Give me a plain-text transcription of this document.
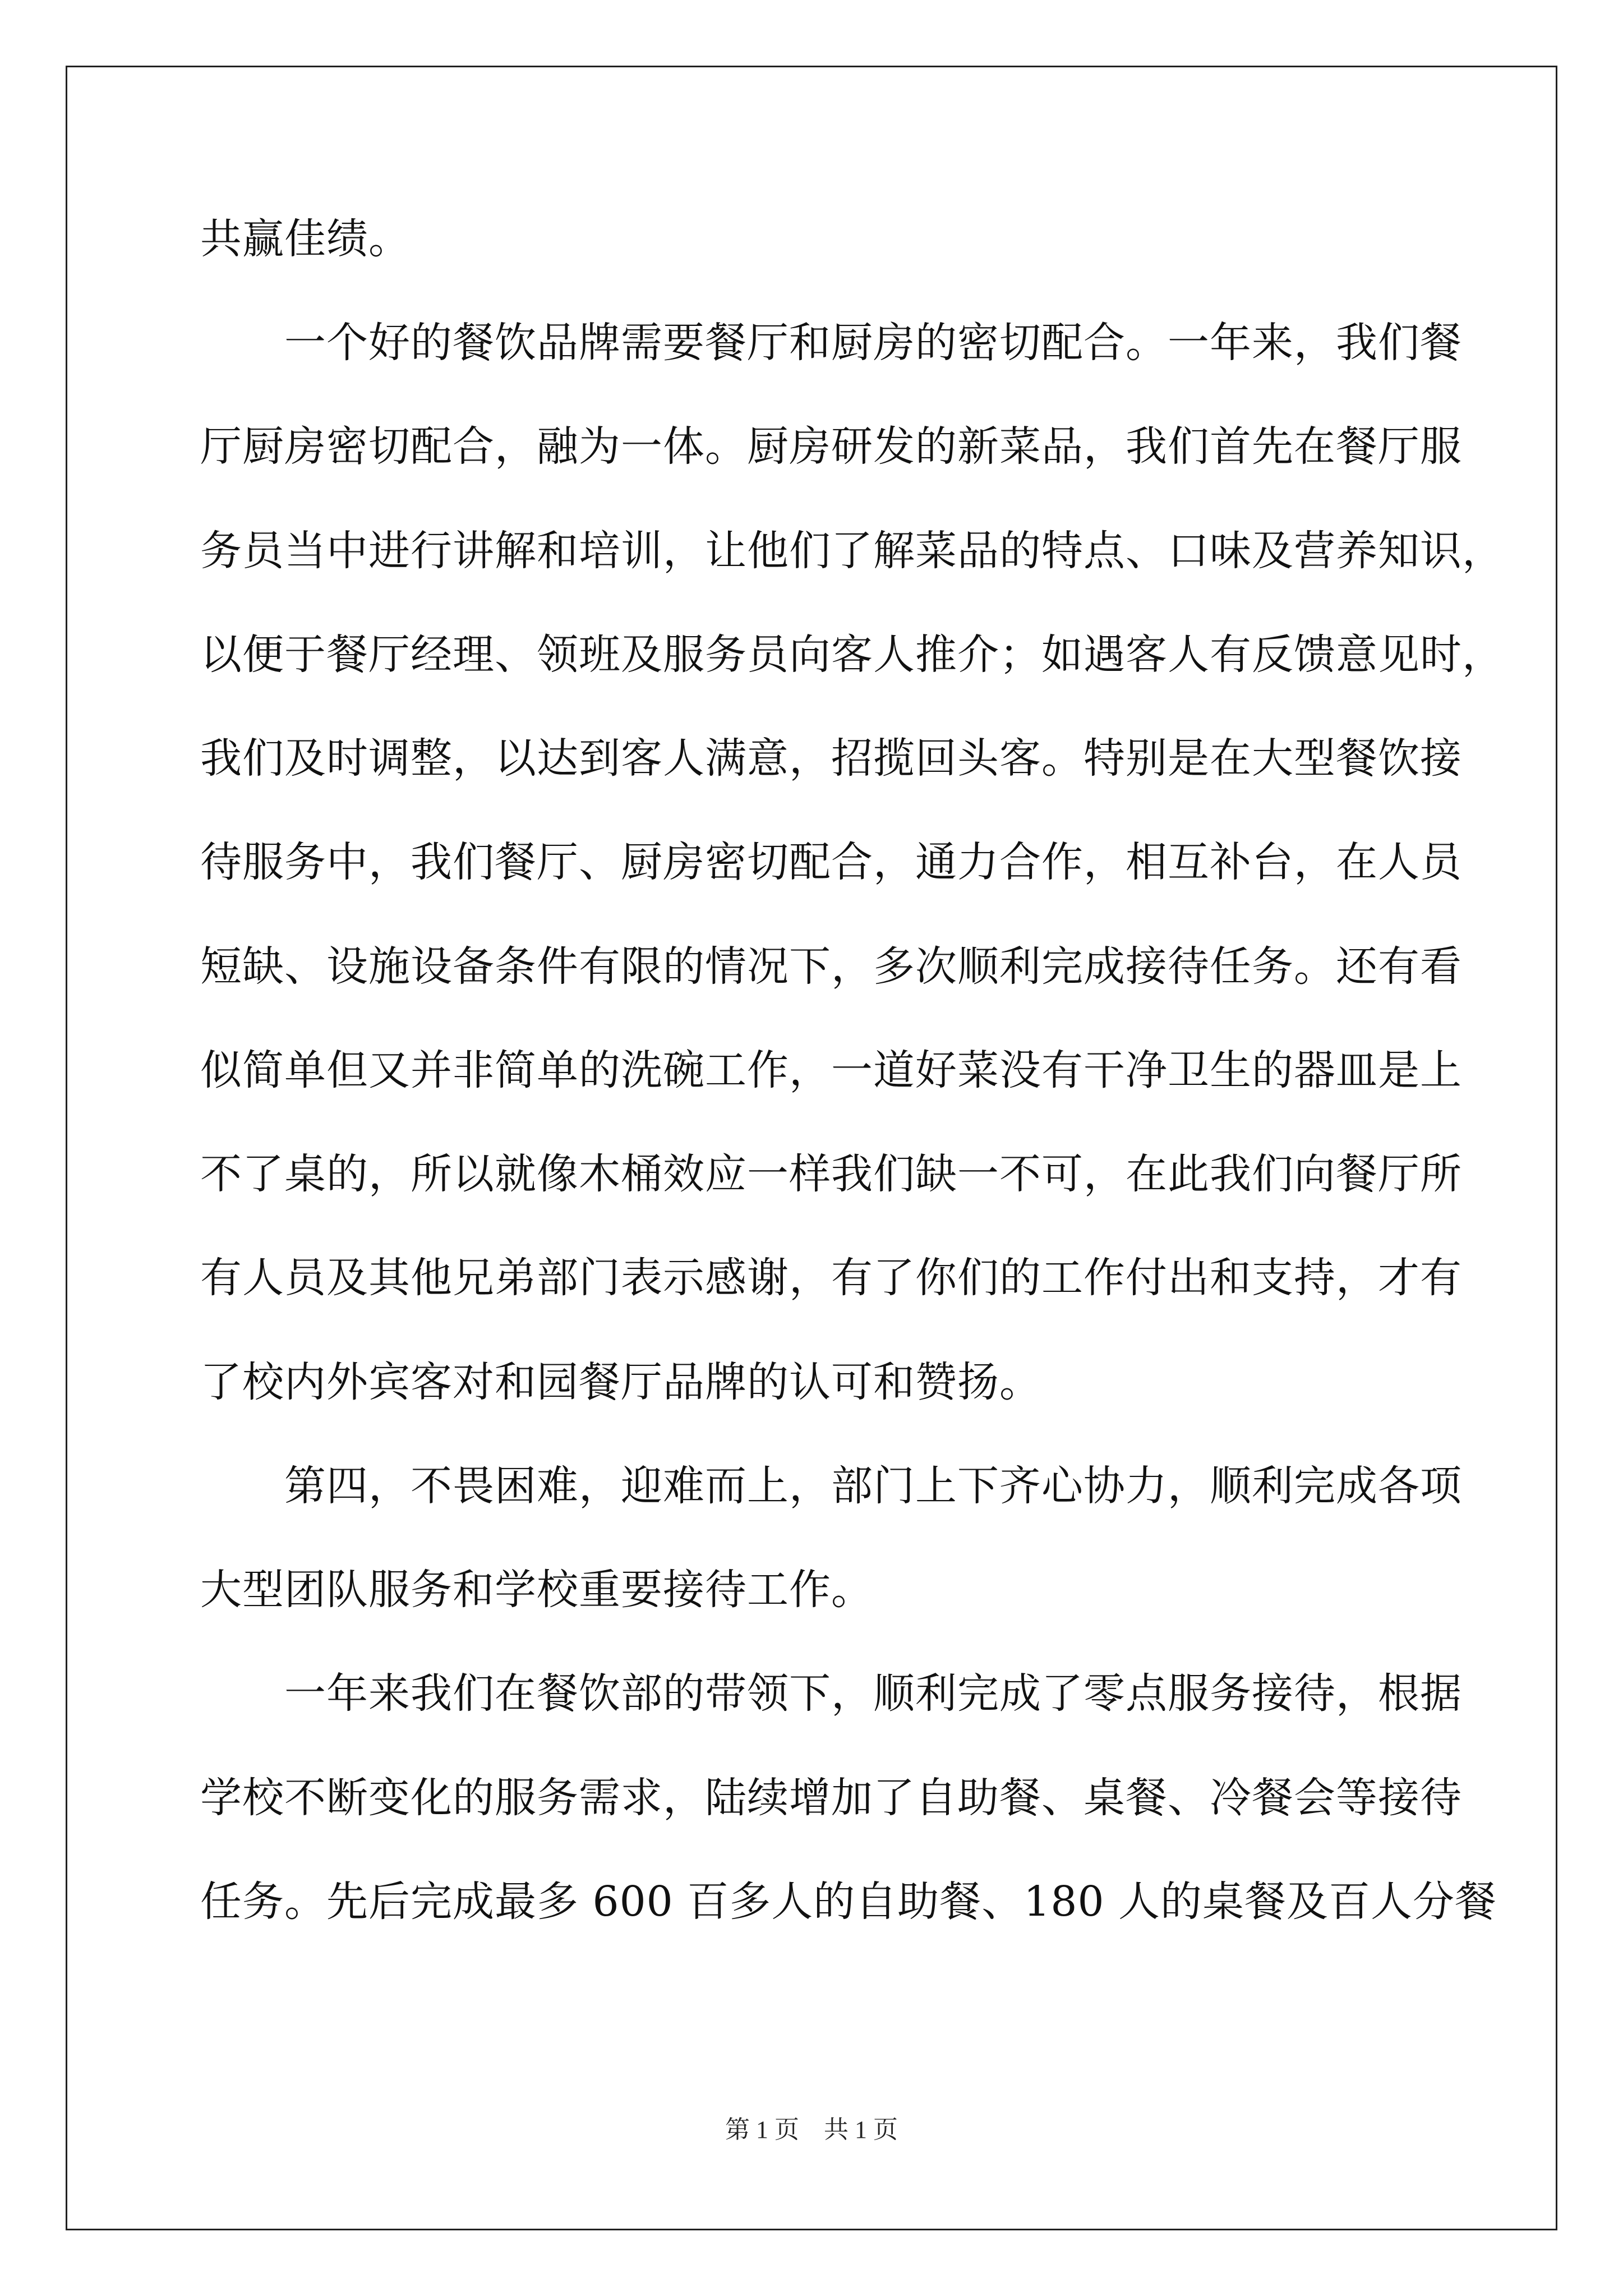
共赢佳绩。
　　一个好的餐饮品牌需要餐厅和厨房的密切配合。一年来，我们餐
厅厨房密切配合，融为一体。厨房研发的新菜品，我们首先在餐厅服
务员当中进行讲解和培训，让他们了解菜品的特点、口味及营养知识，
以便于餐厅经理、领班及服务员向客人推介；如遇客人有反馈意见时，
我们及时调整，以达到客人满意，招揽回头客。特别是在大型餐饮接
待服务中，我们餐厅、厨房密切配合，通力合作，相互补台，在人员
短缺、设施设备条件有限的情况下，多次顺利完成接待任务。还有看
似简单但又并非简单的洗碗工作，一道好菜没有干净卫生的器皿是上
不了桌的，所以就像木桶效应一样我们缺一不可，在此我们向餐厅所
有人员及其他兄弟部门表示感谢，有了你们的工作付出和支持，才有
了校内外宾客对和园餐厅品牌的认可和赞扬。
　　第四，不畏困难，迎难而上，部门上下齐心协力，顺利完成各项
大型团队服务和学校重要接待工作。
　　一年来我们在餐饮部的带领下，顺利完成了零点服务接待，根据
学校不断变化的服务需求，陆续增加了自助餐、桌餐、冷餐会等接待
任务。先后完成最多 600 百多人的自助餐、180 人的桌餐及百人分餐
第 1 页　共 1 页
